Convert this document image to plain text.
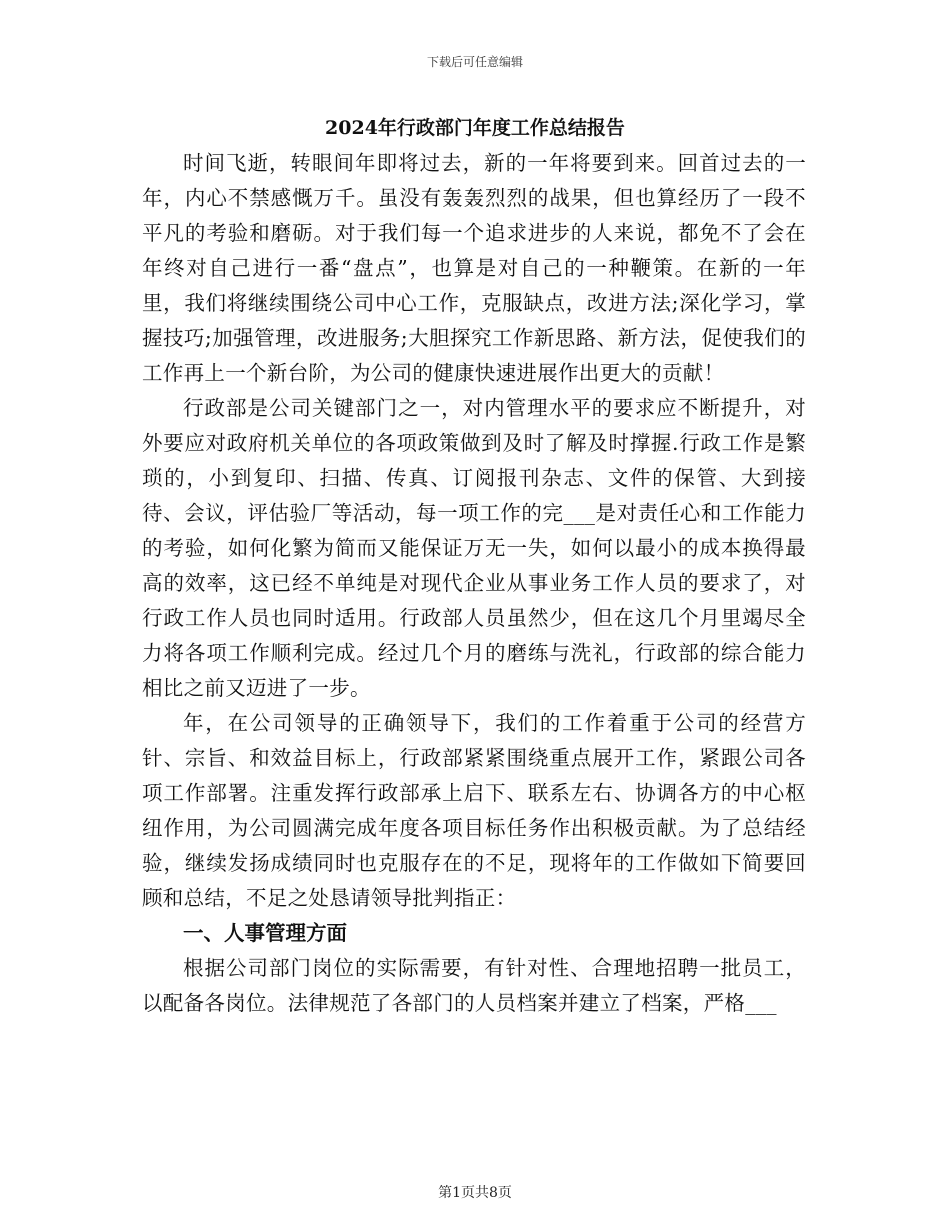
下载后可任意编辑
2024年行政部门年度工作总结报告

时间飞逝，转眼间年即将过去，新的一年将要到来。回首过去的一年，内心不禁感慨万千。虽没有轰轰烈烈的战果，但也算经历了一段不平凡的考验和磨砺。对于我们每一个追求进步的人来说，都免不了会在年终对自己进行一番“盘点”，也算是对自己的一种鞭策。在新的一年里，我们将继续围绕公司中心工作，克服缺点，改进方法;深化学习，掌握技巧;加强管理，改进服务;大胆探究工作新思路、新方法，促使我们的工作再上一个新台阶，为公司的健康快速进展作出更大的贡献！

行政部是公司关键部门之一，对内管理水平的要求应不断提升，对外要应对政府机关单位的各项政策做到及时了解及时撑握.行政工作是繁琐的，小到复印、扫描、传真、订阅报刊杂志、文件的保管、大到接待、会议，评估验厂等活动，每一项工作的完___是对责任心和工作能力的考验，如何化繁为简而又能保证万无一失，如何以最小的成本换得最高的效率，这已经不单纯是对现代企业从事业务工作人员的要求了，对行政工作人员也同时适用。行政部人员虽然少，但在这几个月里竭尽全力将各项工作顺利完成。经过几个月的磨练与洗礼，行政部的综合能力相比之前又迈进了一步。

年，在公司领导的正确领导下，我们的工作着重于公司的经营方针、宗旨、和效益目标上，行政部紧紧围绕重点展开工作，紧跟公司各项工作部署。注重发挥行政部承上启下、联系左右、协调各方的中心枢纽作用，为公司圆满完成年度各项目标任务作出积极贡献。为了总结经验，继续发扬成绩同时也克服存在的不足，现将年的工作做如下简要回顾和总结，不足之处恳请领导批判指正：

一、人事管理方面

根据公司部门岗位的实际需要，有针对性、合理地招聘一批员工，以配备各岗位。法律规范了各部门的人员档案并建立了档案，严格___

第1页共8页
